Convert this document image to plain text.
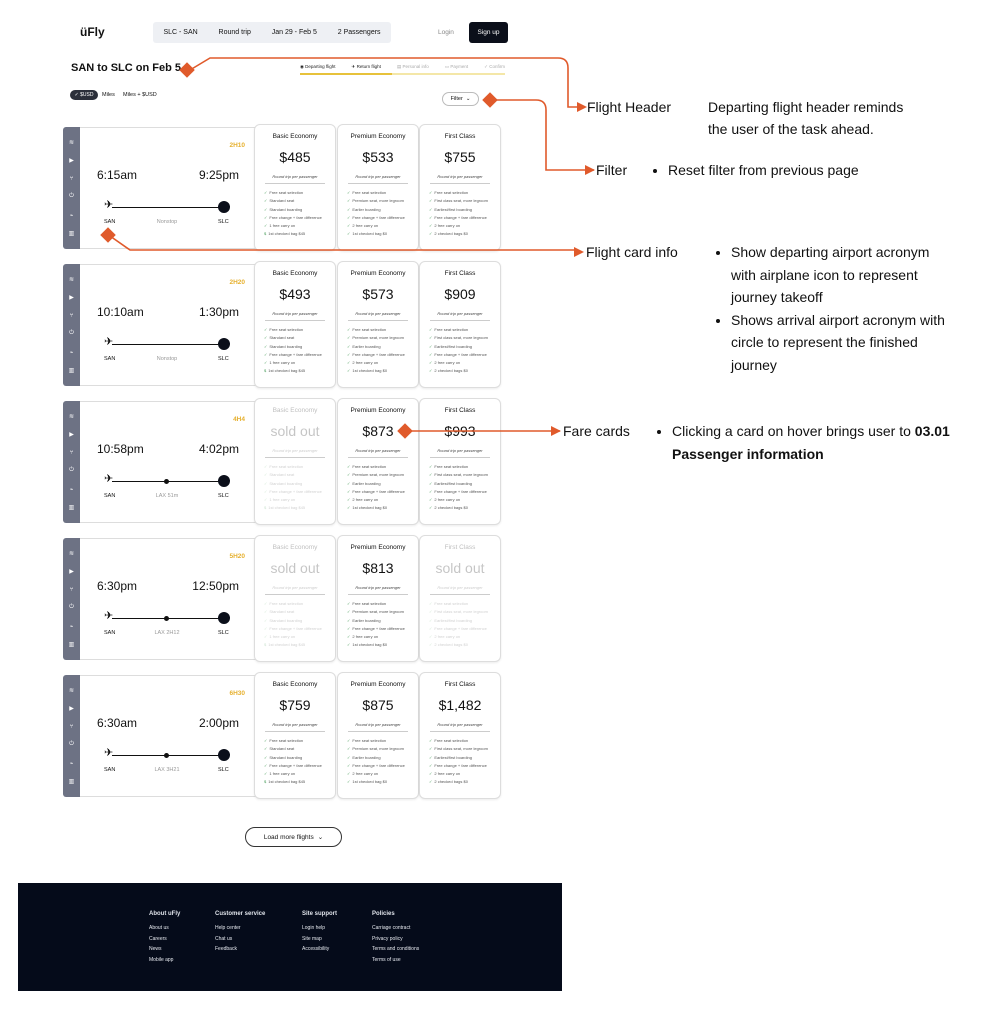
üFly	SLC - SAN	Round trip	Jan 29 - Feb 5	2 Passengers	Login	Sign up
SAN to SLC on Feb 5	◉ Departing flight	✈ Return flight	▤ Personal info	▭ Payment	✓ Confirm
✓ $USD Miles Miles + $USD
Filter ⌄
≋
▶
⑂
⏻
⌁
▥
2H10
6:15am	9:25pm
✈
SAN	Nonstop	SLC
Basic Economy
$485
Round trip per passenger
✓ Free seat selection
✓ Standard seat
✓ Standard boarding
✓ Free change + fare difference
✓ 1 free carry on
$ 1st checked bag $45
Premium Economy
$533
Round trip per passenger
✓ Free seat selection
✓ Premium seat, more legroom
✓ Earlier boarding
✓ Free change + fare difference
✓ 2 free carry on
✓ 1st checked bag $0
First Class
$755
Round trip per passenger
✓ Free seat selection
✓ First class seat, more legroom
✓ Earliest/first boarding
✓ Free change + fare difference
✓ 2 free carry on
✓ 2 checked bags $0
≋
▶
⑂
⏻
⌁
▥
2H20
10:10am	1:30pm
✈
SAN	Nonstop	SLC
Basic Economy
$493
Round trip per passenger
✓ Free seat selection
✓ Standard seat
✓ Standard boarding
✓ Free change + fare difference
✓ 1 free carry on
$ 1st checked bag $45
Premium Economy
$573
Round trip per passenger
✓ Free seat selection
✓ Premium seat, more legroom
✓ Earlier boarding
✓ Free change + fare difference
✓ 2 free carry on
✓ 1st checked bag $0
First Class
$909
Round trip per passenger
✓ Free seat selection
✓ First class seat, more legroom
✓ Earliest/first boarding
✓ Free change + fare difference
✓ 2 free carry on
✓ 2 checked bags $0
≋
▶
⑂
⏻
⌁
▥
4H4
10:58pm	4:02pm
✈
SAN	LAX 51m	SLC
Basic Economy
sold out
Round trip per passenger
✓ Free seat selection
✓ Standard seat
✓ Standard boarding
✓ Free change + fare difference
✓ 1 free carry on
$ 1st checked bag $45
Premium Economy
$873
Round trip per passenger
✓ Free seat selection
✓ Premium seat, more legroom
✓ Earlier boarding
✓ Free change + fare difference
✓ 2 free carry on
✓ 1st checked bag $0
First Class
$993
Round trip per passenger
✓ Free seat selection
✓ First class seat, more legroom
✓ Earliest/first boarding
✓ Free change + fare difference
✓ 2 free carry on
✓ 2 checked bags $0
≋
▶
⑂
⏻
⌁
▥
5H20
6:30pm	12:50pm
✈
SAN	LAX 2H12	SLC
Basic Economy
sold out
Round trip per passenger
✓ Free seat selection
✓ Standard seat
✓ Standard boarding
✓ Free change + fare difference
✓ 1 free carry on
$ 1st checked bag $45
Premium Economy
$813
Round trip per passenger
✓ Free seat selection
✓ Premium seat, more legroom
✓ Earlier boarding
✓ Free change + fare difference
✓ 2 free carry on
✓ 1st checked bag $0
First Class
sold out
Round trip per passenger
✓ Free seat selection
✓ First class seat, more legroom
✓ Earliest/first boarding
✓ Free change + fare difference
✓ 2 free carry on
✓ 2 checked bags $0
≋
▶
⑂
⏻
⌁
▥
6H30
6:30am	2:00pm
✈
SAN	LAX 3H21	SLC
Basic Economy
$759
Round trip per passenger
✓ Free seat selection
✓ Standard seat
✓ Standard boarding
✓ Free change + fare difference
✓ 1 free carry on
$ 1st checked bag $45
Premium Economy
$875
Round trip per passenger
✓ Free seat selection
✓ Premium seat, more legroom
✓ Earlier boarding
✓ Free change + fare difference
✓ 2 free carry on
✓ 1st checked bag $0
First Class
$1,482
Round trip per passenger
✓ Free seat selection
✓ First class seat, more legroom
✓ Earliest/first boarding
✓ Free change + fare difference
✓ 2 free carry on
✓ 2 checked bags $0
Load more flights ⌄
About uFly
About us
Careers
News
Mobile app
Customer service
Help center
Chat us
Feedback
Site support
Login help
Site map
Accessibility
Policies
Carriage contract
Privacy policy
Terms and conditions
Terms of use
Flight Header	Departing flight header reminds
the user of the task ahead.
Filter	• Reset filter from previous page
Flight card info	• Show departing airport acronym
with airplane icon to represent
journey takeoff
• Shows arrival airport acronym with
circle to represent the finished
journey
Fare cards	• Clicking a card on hover brings user to 03.01
Passenger information
